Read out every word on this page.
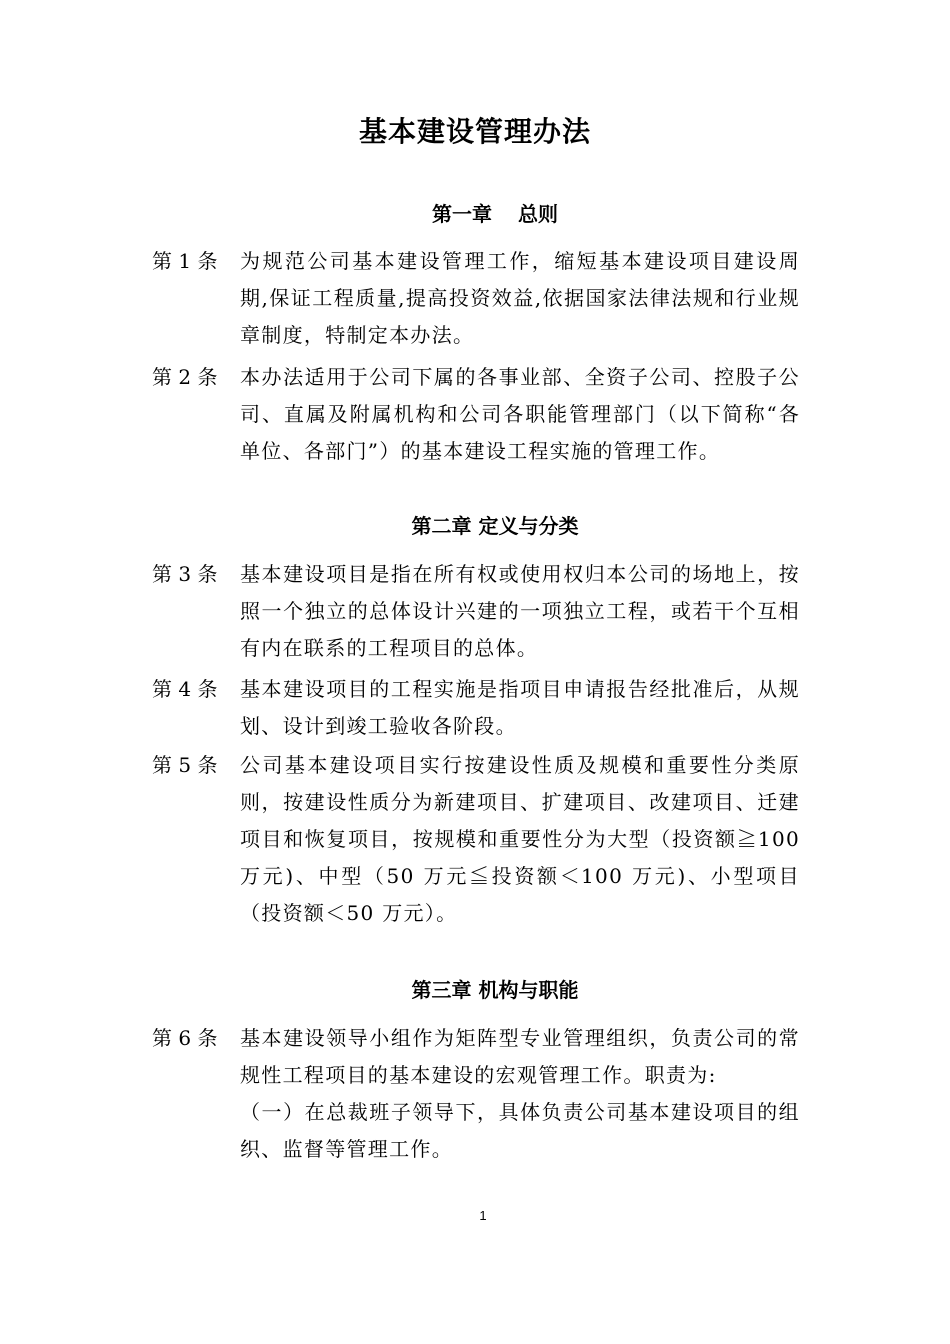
基本建设管理办法
第一章 总则
第 1 条	为规范公司基本建设管理工作，缩短基本建设项目建设周期,保证工程质量,提高投资效益,依据国家法律法规和行业规章制度，特制定本办法。

第 2 条	本办法适用于公司下属的各事业部、全资子公司、控股子公司、直属及附属机构和公司各职能管理部门（以下简称“各单位、各部门”）的基本建设工程实施的管理工作。

第二章 定义与分类
第 3 条	基本建设项目是指在所有权或使用权归本公司的场地上，按照一个独立的总体设计兴建的一项独立工程，或若干个互相有内在联系的工程项目的总体。

第 4 条	基本建设项目的工程实施是指项目申请报告经批准后，从规划、设计到竣工验收各阶段。

第 5 条	公司基本建设项目实行按建设性质及规模和重要性分类原则，按建设性质分为新建项目、扩建项目、改建项目、迁建项目和恢复项目，按规模和重要性分为大型（投资额≧100 万元)、中型（50 万元≦投资额＜100 万元)、小型项目（投资额＜50 万元）。

第三章 机构与职能
第 6 条	基本建设领导小组作为矩阵型专业管理组织，负责公司的常规性工程项目的基本建设的宏观管理工作。职责为:

（一）在总裁班子领导下，具体负责公司基本建设项目的组织、监督等管理工作。

1
